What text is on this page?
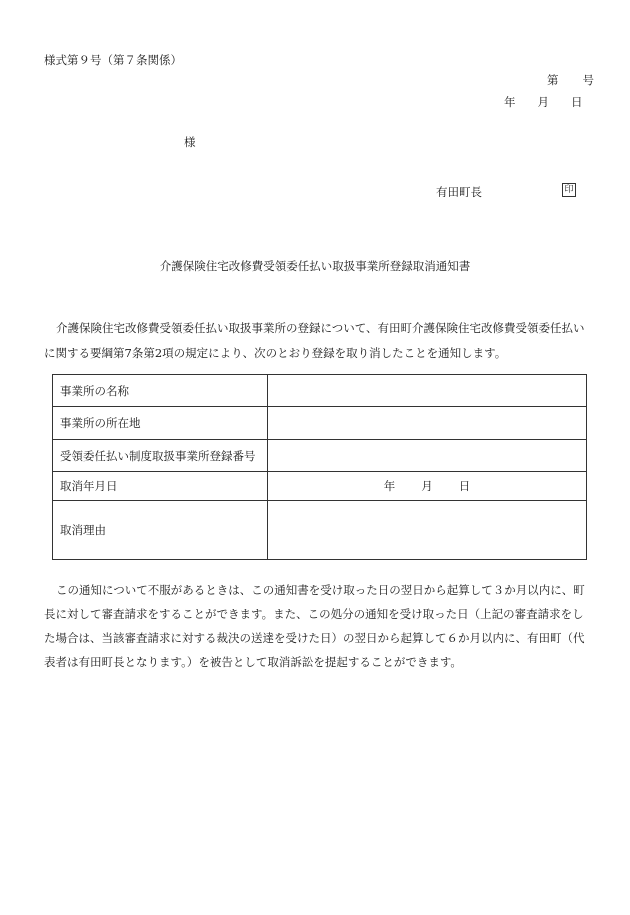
様式第９号（第７条関係）
第 号
年 月 日
様
有田町長	印
介護保険住宅改修費受領委任払い取扱事業所登録取消通知書
介護保険住宅改修費受領委任払い取扱事業所の登録について、有田町介護保険住宅改修費受領委任払いに関する要綱第7条第2項の規定により、次のとおり登録を取り消したことを通知します。
事業所の名称	
事業所の所在地	
受領委任払い制度取扱事業所登録番号	
取消年月日	年 月 日
取消理由	
この通知について不服があるときは、この通知書を受け取った日の翌日から起算して３か月以内に、町長に対して審査請求をすることができます。また、この処分の通知を受け取った日（上記の審査請求をした場合は、当該審査請求に対する裁決の送達を受けた日）の翌日から起算して６か月以内に、有田町（代表者は有田町長となります。）を被告として取消訴訟を提起することができます。
